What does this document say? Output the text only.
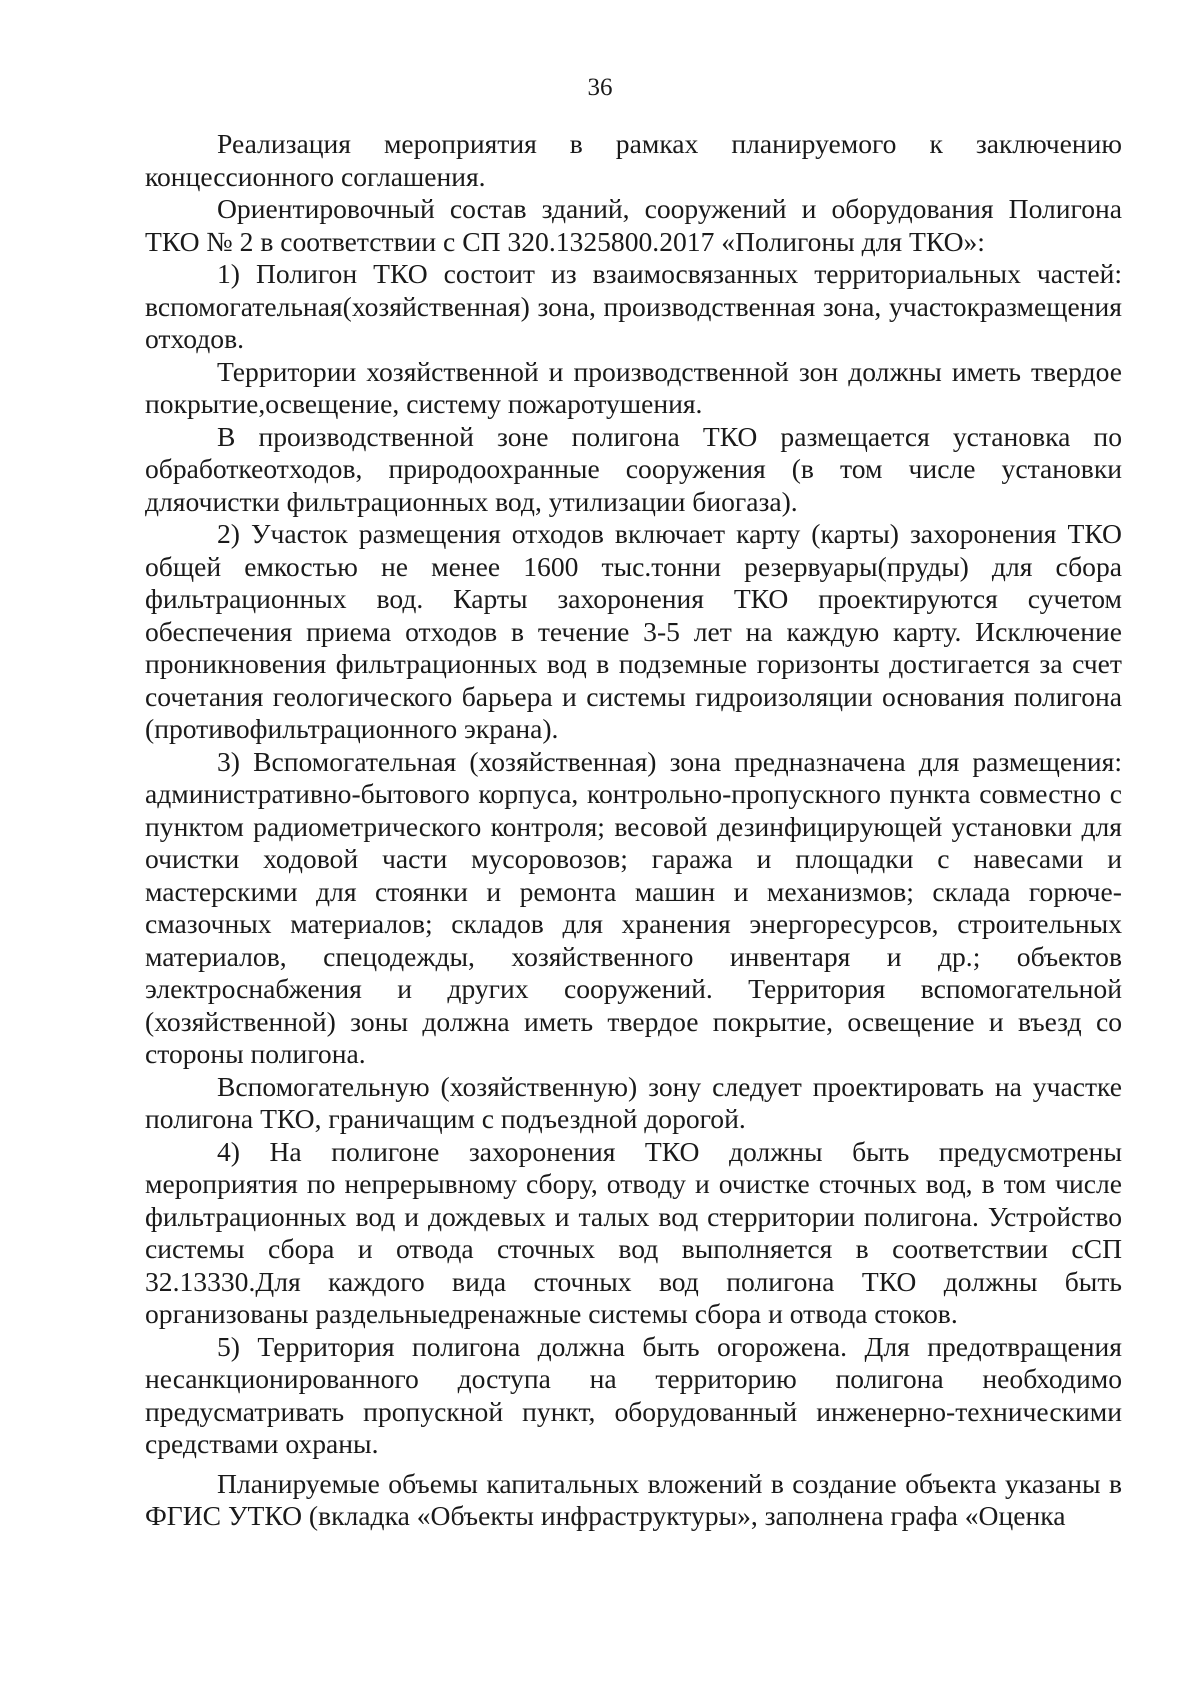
36

Реализация мероприятия в рамках планируемого к заключению концессионного соглашения.

Ориентировочный состав зданий, сооружений и оборудования Полигона ТКО № 2 в соответствии с СП 320.1325800.2017 «Полигоны для ТКО»:

1) Полигон ТКО состоит из взаимосвязанных территориальных частей: вспомогательная(хозяйственная) зона, производственная зона, участокразмещения отходов.

Территории хозяйственной и производственной зон должны иметь твердое покрытие,освещение, систему пожаротушения.

В производственной зоне полигона ТКО размещается установка по обработкеотходов, природоохранные сооружения (в том числе установки дляочистки фильтрационных вод, утилизации биогаза).

2) Участок размещения отходов включает карту (карты) захоронения ТКО общей емкостью не менее 1600 тыс.тонни резервуары(пруды) для сбора фильтрационных вод. Карты захоронения ТКО проектируются сучетом обеспечения приема отходов в течение 3-5 лет на каждую карту. Исключение проникновения фильтрационных вод в подземные горизонты достигается за счет сочетания геологического барьера и системы гидроизоляции основания полигона (противофильтрационного экрана).

3) Вспомогательная (хозяйственная) зона предназначена для размещения: административно-бытового корпуса, контрольно-пропускного пункта совместно с пунктом радиометрического контроля; весовой дезинфицирующей установки для очистки ходовой части мусоровозов; гаража и площадки с навесами и мастерскими для стоянки и ремонта машин и механизмов; склада горюче-смазочных материалов; складов для хранения энергоресурсов, строительных материалов, спецодежды, хозяйственного инвентаря и др.; объектов электроснабжения и других сооружений. Территория вспомогательной (хозяйственной) зоны должна иметь твердое покрытие, освещение и въезд со стороны полигона.

Вспомогательную (хозяйственную) зону следует проектировать на участке полигона ТКО, граничащим с подъездной дорогой.

4) На полигоне захоронения ТКО должны быть предусмотрены мероприятия по непрерывному сбору, отводу и очистке сточных вод, в том числе фильтрационных вод и дождевых и талых вод стерритории полигона. Устройство системы сбора и отвода сточных вод выполняется в соответствии сСП 32.13330.Для каждого вида сточных вод полигона ТКО должны быть организованы раздельныедренажные системы сбора и отвода стоков.

5) Территория полигона должна быть огорожена. Для предотвращения несанкционированного доступа на территорию полигона необходимо предусматривать пропускной пункт, оборудованный инженерно-техническими средствами охраны.

Планируемые объемы капитальных вложений в создание объекта указаны в ФГИС УТКО (вкладка «Объекты инфраструктуры», заполнена графа «Оценка
